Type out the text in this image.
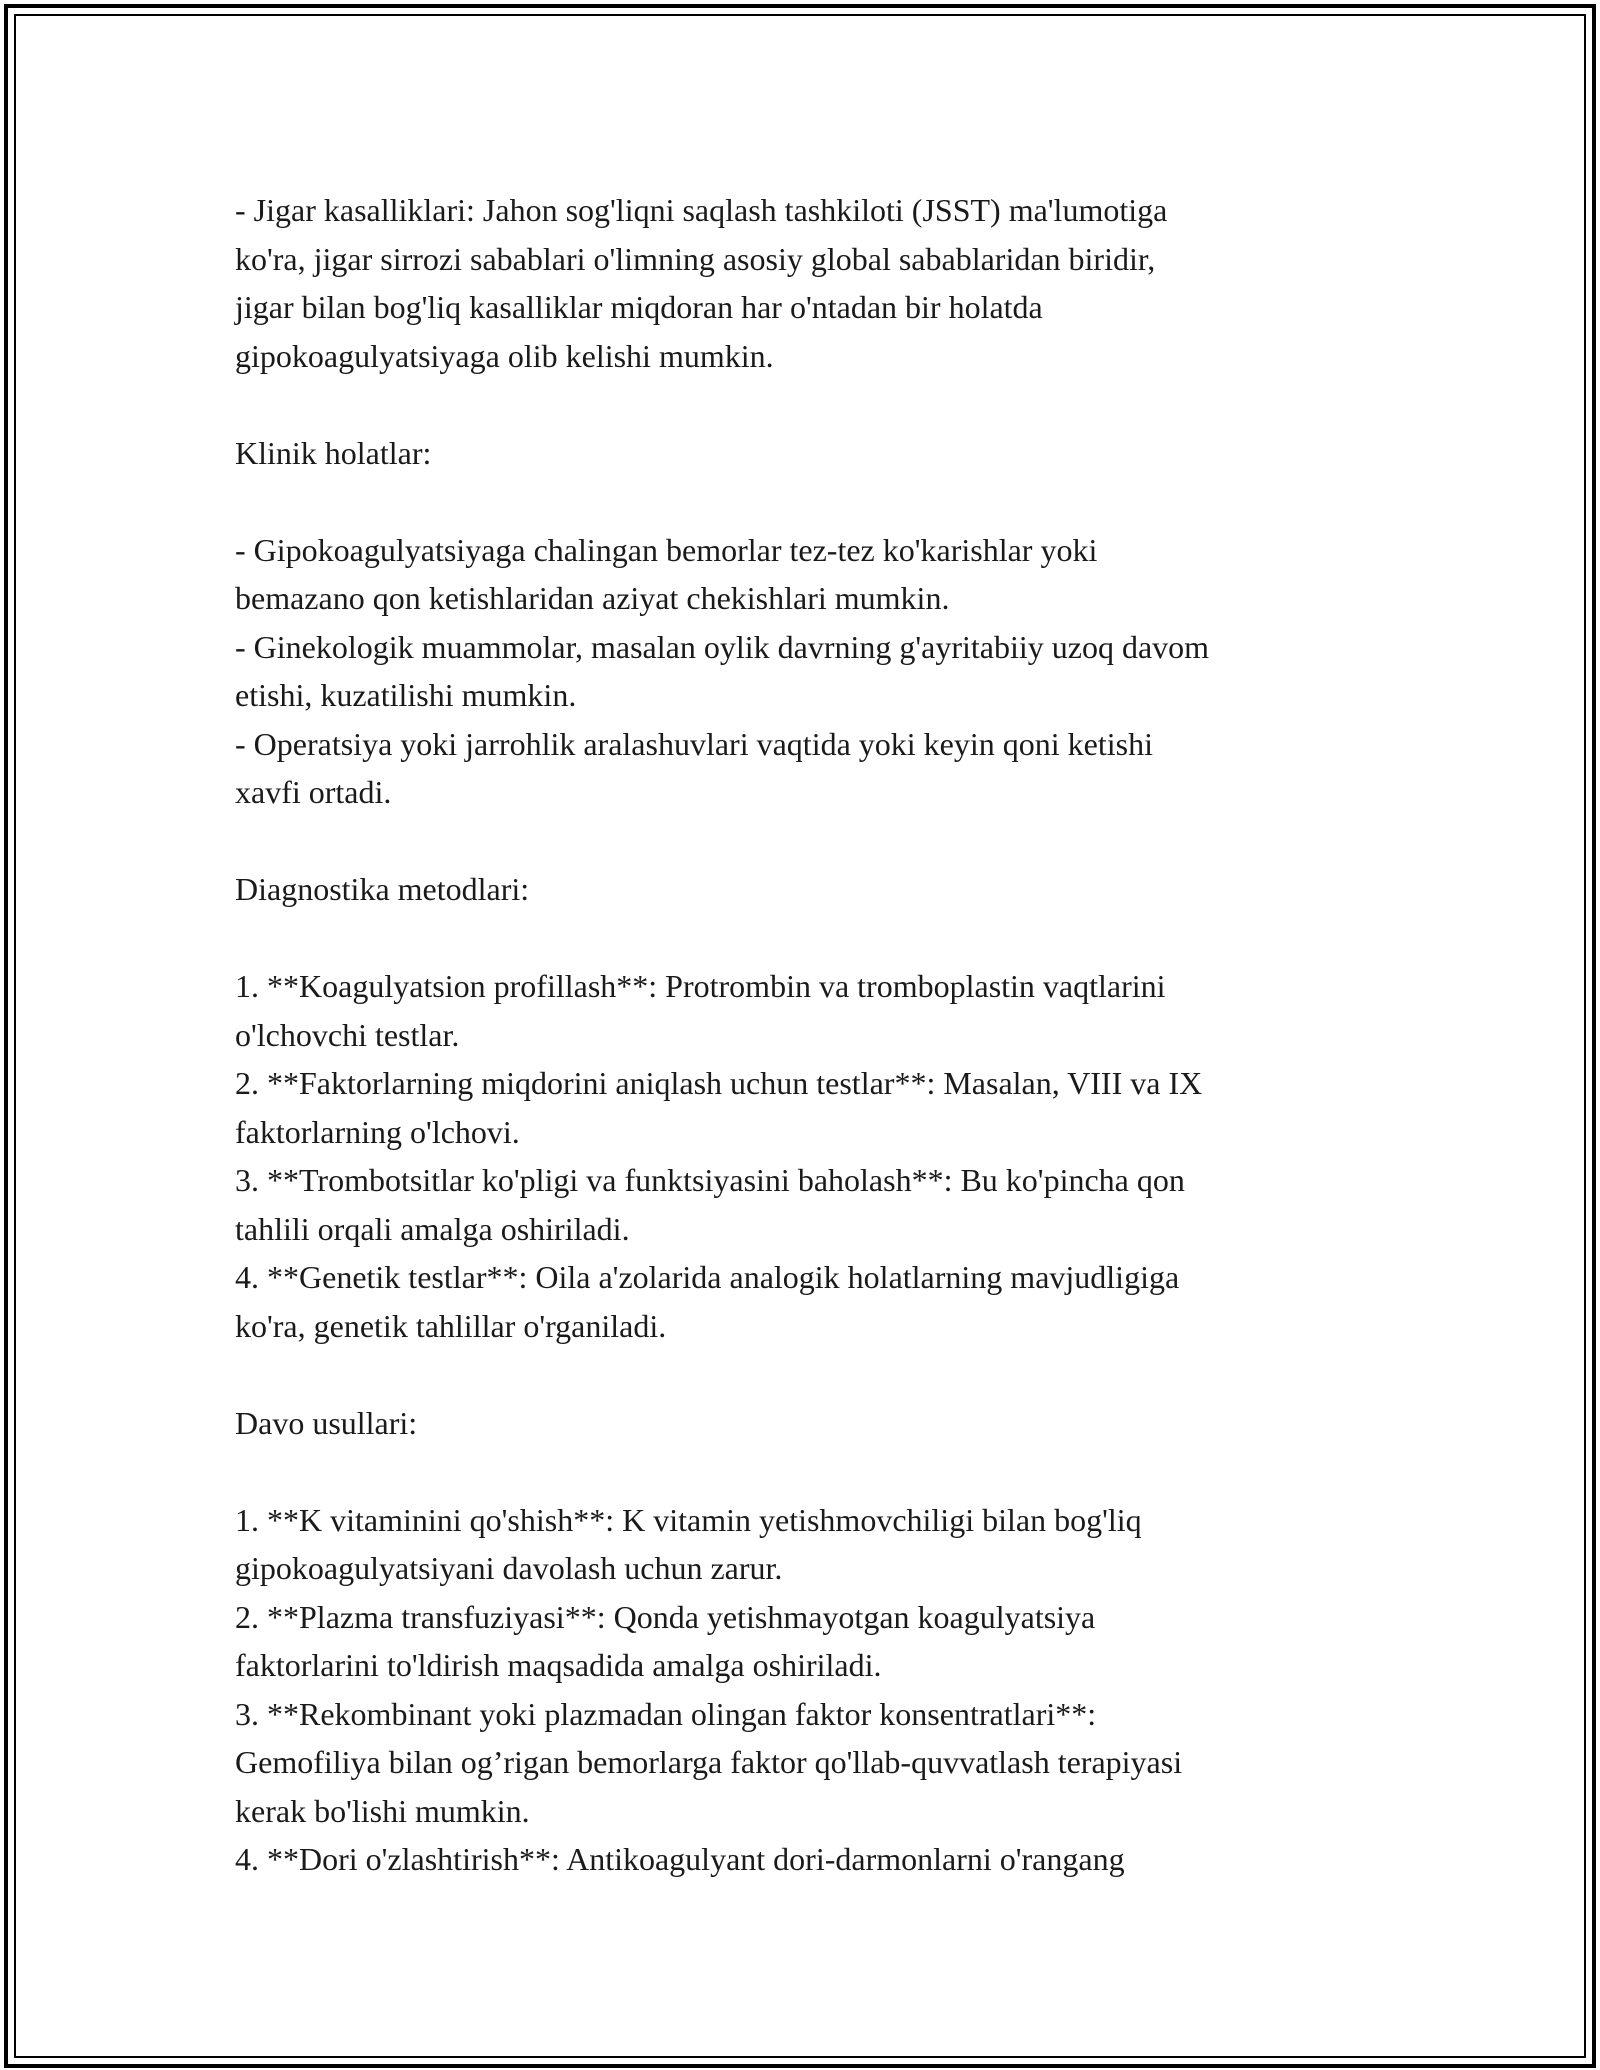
- Jigar kasalliklari: Jahon sog'liqni saqlash tashkiloti (JSST) ma'lumotiga

ko'ra, jigar sirrozi sabablari o'limning asosiy global sabablaridan biridir,

jigar bilan bog'liq kasalliklar miqdoran har o'ntadan bir holatda

gipokoagulyatsiyaga olib kelishi mumkin.

Klinik holatlar:

- Gipokoagulyatsiyaga chalingan bemorlar tez-tez ko'karishlar yoki

bemazano qon ketishlaridan aziyat chekishlari mumkin.

- Ginekologik muammolar, masalan oylik davrning g'ayritabiiy uzoq davom

etishi, kuzatilishi mumkin.

- Operatsiya yoki jarrohlik aralashuvlari vaqtida yoki keyin qoni ketishi

xavfi ortadi.

Diagnostika metodlari:

1. **Koagulyatsion profillash**: Protrombin va tromboplastin vaqtlarini

o'lchovchi testlar.

2. **Faktorlarning miqdorini aniqlash uchun testlar**: Masalan, VIII va IX

faktorlarning o'lchovi.

3. **Trombotsitlar ko'pligi va funktsiyasini baholash**: Bu ko'pincha qon

tahlili orqali amalga oshiriladi.

4. **Genetik testlar**: Oila a'zolarida analogik holatlarning mavjudligiga

ko'ra, genetik tahlillar o'rganiladi.

Davo usullari:

1. **K vitaminini qo'shish**: K vitamin yetishmovchiligi bilan bog'liq

gipokoagulyatsiyani davolash uchun zarur.

2. **Plazma transfuziyasi**: Qonda yetishmayotgan koagulyatsiya

faktorlarini to'ldirish maqsadida amalga oshiriladi.

3. **Rekombinant yoki plazmadan olingan faktor konsentratlari**:

Gemofiliya bilan og’rigan bemorlarga faktor qo'llab-quvvatlash terapiyasi

kerak bo'lishi mumkin.

4. **Dori o'zlashtirish**: Antikoagulyant dori-darmonlarni o'rangang
